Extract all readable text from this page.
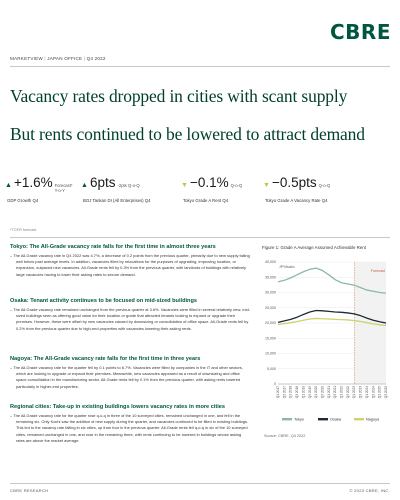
CBRE
MARKETVIEW | JAPAN OFFICE | Q4 2022
Vacancy rates dropped in cities with scant supply
But rents continued to be lowered to attract demand
▲ +1.6% Forecast*
Y-o-Y
GDP Growth Q4
▲ 6pts -2pts Q-o-Q
BOJ Tankan DI (All Enterprises) Q4
▼ −0.1% Q-o-Q
Tokyo Grade A Rent Q4
▼ −0.5pts Q-o-Q
Tokyo Grade A Vacancy Rate Q4
*TCER forecast
Tokyo: The All-Grade vacancy rate falls for the first time in almost three years

– The All-Grade vacancy rate in Q4 2022 was 4.7%, a decrease of 0.2 points from the previous quarter, primarily due to new supply falling well below past average levels. In addition, vacancies filled by relocations for the purposes of upgrading, improving location, or expansion, outpaced new vacancies. All-Grade rents fell by 0.3% from the previous quarter, with landlords of buildings with relatively large vacancies having to lower their asking rates to secure demand.

Osaka: Tenant activity continues to be focused on mid-sized buildings

– The All-Grade vacancy rate remained unchanged from the previous quarter at 3.6%. Vacancies were filled in several relatively new, mid-sized buildings seen as offering good value for their location or grade that attracted tenants looking to expand or upgrade their premises. However, these were offset by new vacancies caused by downsizing or consolidation of office space. All-Grade rents fell by 0.2% from the previous quarter due to high-end properties with vacancies lowering their asking rents.

Nagoya: The All-Grade vacancy rate falls for the first time in three years

– The All-Grade vacancy rate for the quarter fell by 0.1 points to 6.7%. Vacancies were filled by companies in the IT and other sectors, which are looking to upgrade or expand their premises. Meanwhile, new vacancies appeared as a result of downsizing and office space consolidation in the manufacturing sector. All-Grade rents fell by 0.1% from the previous quarter, with asking rents lowered particularly in higher-end properties.

Regional cities: Take-up in existing buildings lowers vacancy rates in more cities

– The All-Grade vacancy rate for the quarter rose q-o-q in three of the 10 surveyed cities, remained unchanged in one, and fell in the remaining six. Only Kochi saw the addition of new supply during the quarter, and vacancies continued to be filled in existing buildings. This led to the vacancy rate falling in six cities, up from four in the previous quarter. All-Grade rents fell q-o-q in six of the 10 surveyed cities, remained unchanged in one, and rose in the remaining three, with rents continuing to be lowered in buildings whose asking rates are above the market average.

Figure 1: Grade A Average Assumed Achievable Rent
40,000
35,000
30,000
25,000
20,000
15,000
10,000
5,000
0
JPY/tsubo
Forecast
Q1 2017 Q3 2017 Q1 2018 Q3 2018 Q1 2019 Q3 2019 Q1 2020 Q3 2020 Q1 2021 Q3 2021 Q1 2022 Q3 2022 Q1 2023 Q3 2023 Q1 2024 Q3 2024 Q1 2025 Q3 2025
Tokyo	Osaka	Nagoya
Source: CBRE, Q4 2022
CBRE RESEARCH	© 2023 CBRE, INC.
